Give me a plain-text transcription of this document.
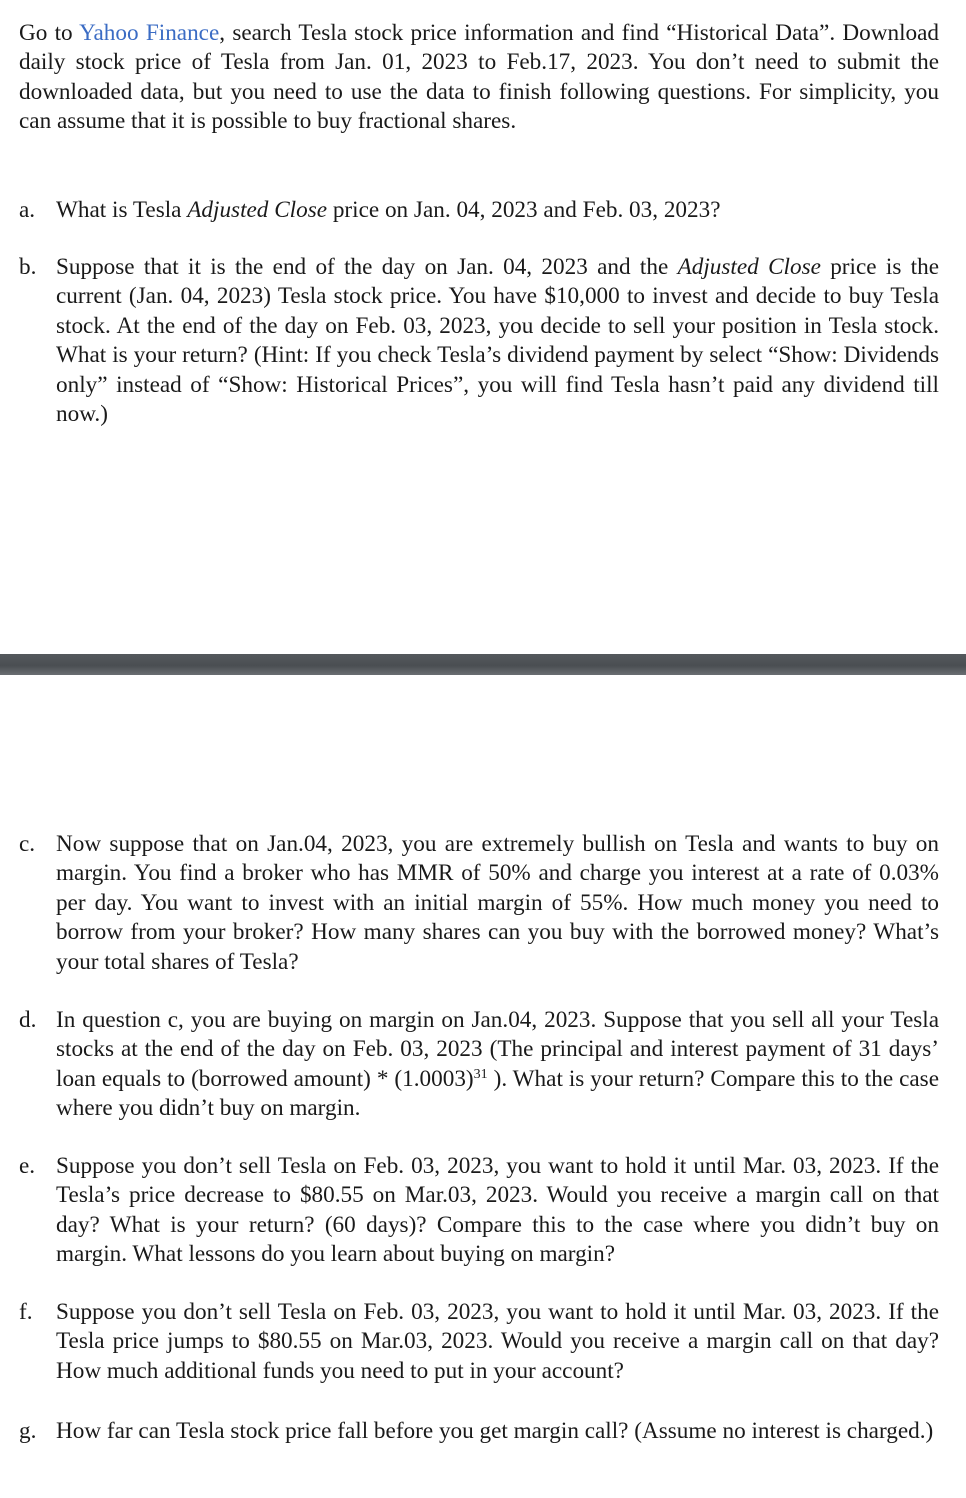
Go to Yahoo Finance, search Tesla stock price information and find “Historical Data”. Download daily stock price of Tesla from Jan. 01, 2023 to Feb.17, 2023. You don’t need to submit the downloaded data, but you need to use the data to finish following questions. For simplicity, you can assume that it is possible to buy fractional shares.
a. What is Tesla Adjusted Close price on Jan. 04, 2023 and Feb. 03, 2023?
b. Suppose that it is the end of the day on Jan. 04, 2023 and the Adjusted Close price is the current (Jan. 04, 2023) Tesla stock price. You have $10,000 to invest and decide to buy Tesla stock. At the end of the day on Feb. 03, 2023, you decide to sell your position in Tesla stock. What is your return? (Hint: If you check Tesla’s dividend payment by select “Show: Dividends only” instead of “Show: Historical Prices”, you will find Tesla hasn’t paid any dividend till now.)
c. Now suppose that on Jan.04, 2023, you are extremely bullish on Tesla and wants to buy on margin. You find a broker who has MMR of 50% and charge you interest at a rate of 0.03% per day. You want to invest with an initial margin of 55%. How much money you need to borrow from your broker? How many shares can you buy with the borrowed money? What’s your total shares of Tesla?
d. In question c, you are buying on margin on Jan.04, 2023. Suppose that you sell all your Tesla stocks at the end of the day on Feb. 03, 2023 (The principal and interest payment of 31 days’ loan equals to (borrowed amount) * $(1.0003)^{31}$ ). What is your return? Compare this to the case where you didn’t buy on margin.
e. Suppose you don’t sell Tesla on Feb. 03, 2023, you want to hold it until Mar. 03, 2023. If the Tesla’s price decrease to $80.55 on Mar.03, 2023. Would you receive a margin call on that day? What is your return? (60 days)? Compare this to the case where you didn’t buy on margin. What lessons do you learn about buying on margin?
f.	Suppose you don’t sell Tesla on Feb. 03, 2023, you want to hold it until Mar. 03, 2023. If the Tesla price jumps to $80.55 on Mar.03, 2023. Would you receive a margin call on that day? How much additional funds you need to put in your account?
g. How far can Tesla stock price fall before you get margin call? (Assume no interest is charged.)
